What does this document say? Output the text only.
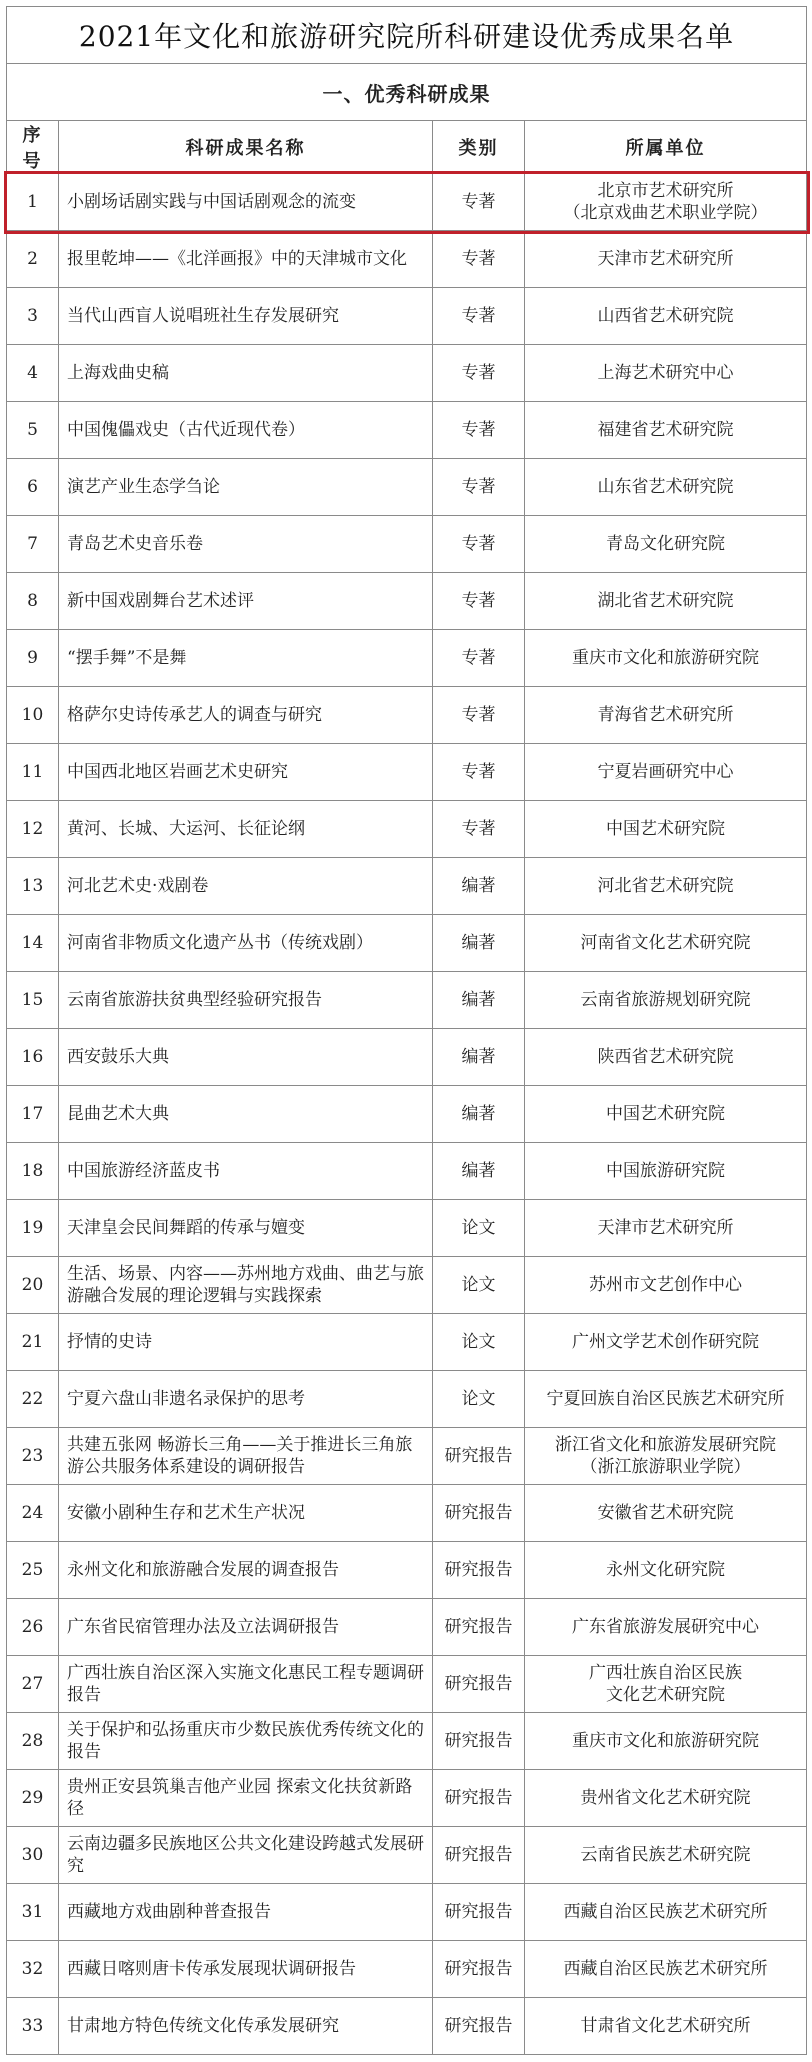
2021年文化和旅游研究院所科研建设优秀成果名单			
一、优秀科研成果			
序号	科研成果名称	类别	所属单位
1	小剧场话剧实践与中国话剧观念的流变	专著	北京市艺术研究所
（北京戏曲艺术职业学院）
2	报里乾坤——《北洋画报》中的天津城市文化	专著	天津市艺术研究所
3	当代山西盲人说唱班社生存发展研究	专著	山西省艺术研究院
4	上海戏曲史稿	专著	上海艺术研究中心
5	中国傀儡戏史（古代近现代卷）	专著	福建省艺术研究院
6	演艺产业生态学刍论	专著	山东省艺术研究院
7	青岛艺术史音乐卷	专著	青岛文化研究院
8	新中国戏剧舞台艺术述评	专著	湖北省艺术研究院
9	“摆手舞”不是舞	专著	重庆市文化和旅游研究院
10	格萨尔史诗传承艺人的调查与研究	专著	青海省艺术研究所
11	中国西北地区岩画艺术史研究	专著	宁夏岩画研究中心
12	黄河、长城、大运河、长征论纲	专著	中国艺术研究院
13	河北艺术史·戏剧卷	编著	河北省艺术研究院
14	河南省非物质文化遗产丛书（传统戏剧）	编著	河南省文化艺术研究院
15	云南省旅游扶贫典型经验研究报告	编著	云南省旅游规划研究院
16	西安鼓乐大典	编著	陕西省艺术研究院
17	昆曲艺术大典	编著	中国艺术研究院
18	中国旅游经济蓝皮书	编著	中国旅游研究院
19	天津皇会民间舞蹈的传承与嬗变	论文	天津市艺术研究所
20	生活、场景、内容——苏州地方戏曲、曲艺与旅游融合发展的理论逻辑与实践探索	论文	苏州市文艺创作中心
21	抒情的史诗	论文	广州文学艺术创作研究院
22	宁夏六盘山非遗名录保护的思考	论文	宁夏回族自治区民族艺术研究所
23	共建五张网 畅游长三角——关于推进长三角旅游公共服务体系建设的调研报告	研究报告	浙江省文化和旅游发展研究院
（浙江旅游职业学院）
24	安徽小剧种生存和艺术生产状况	研究报告	安徽省艺术研究院
25	永州文化和旅游融合发展的调查报告	研究报告	永州文化研究院
26	广东省民宿管理办法及立法调研报告	研究报告	广东省旅游发展研究中心
27	广西壮族自治区深入实施文化惠民工程专题调研报告	研究报告	广西壮族自治区民族
文化艺术研究院
28	关于保护和弘扬重庆市少数民族优秀传统文化的报告	研究报告	重庆市文化和旅游研究院
29	贵州正安县筑巢吉他产业园 探索文化扶贫新路径	研究报告	贵州省文化艺术研究院
30	云南边疆多民族地区公共文化建设跨越式发展研究	研究报告	云南省民族艺术研究院
31	西藏地方戏曲剧种普查报告	研究报告	西藏自治区民族艺术研究所
32	西藏日喀则唐卡传承发展现状调研报告	研究报告	西藏自治区民族艺术研究所
33	甘肃地方特色传统文化传承发展研究	研究报告	甘肃省文化艺术研究所
